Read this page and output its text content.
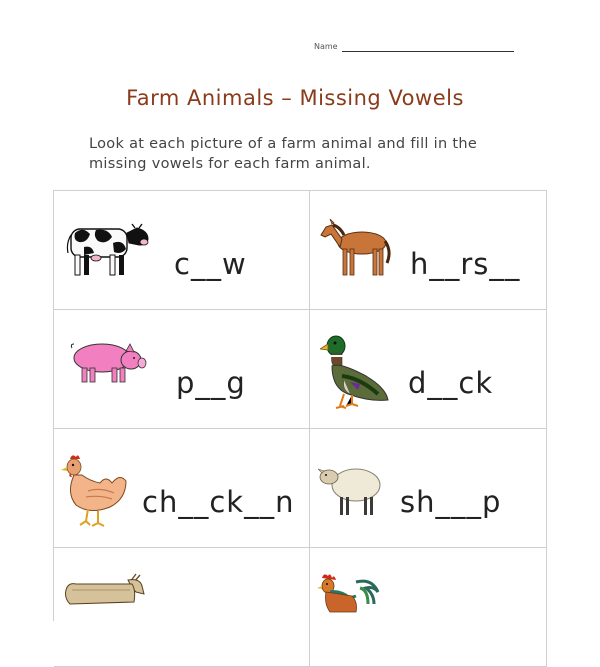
Name
Farm Animals – Missing Vowels
Look at each picture of a farm animal and fill in the missing vowels for each farm animal.
c__w	h__rs__
p__g	d__ck
ch__ck__n	sh___p
